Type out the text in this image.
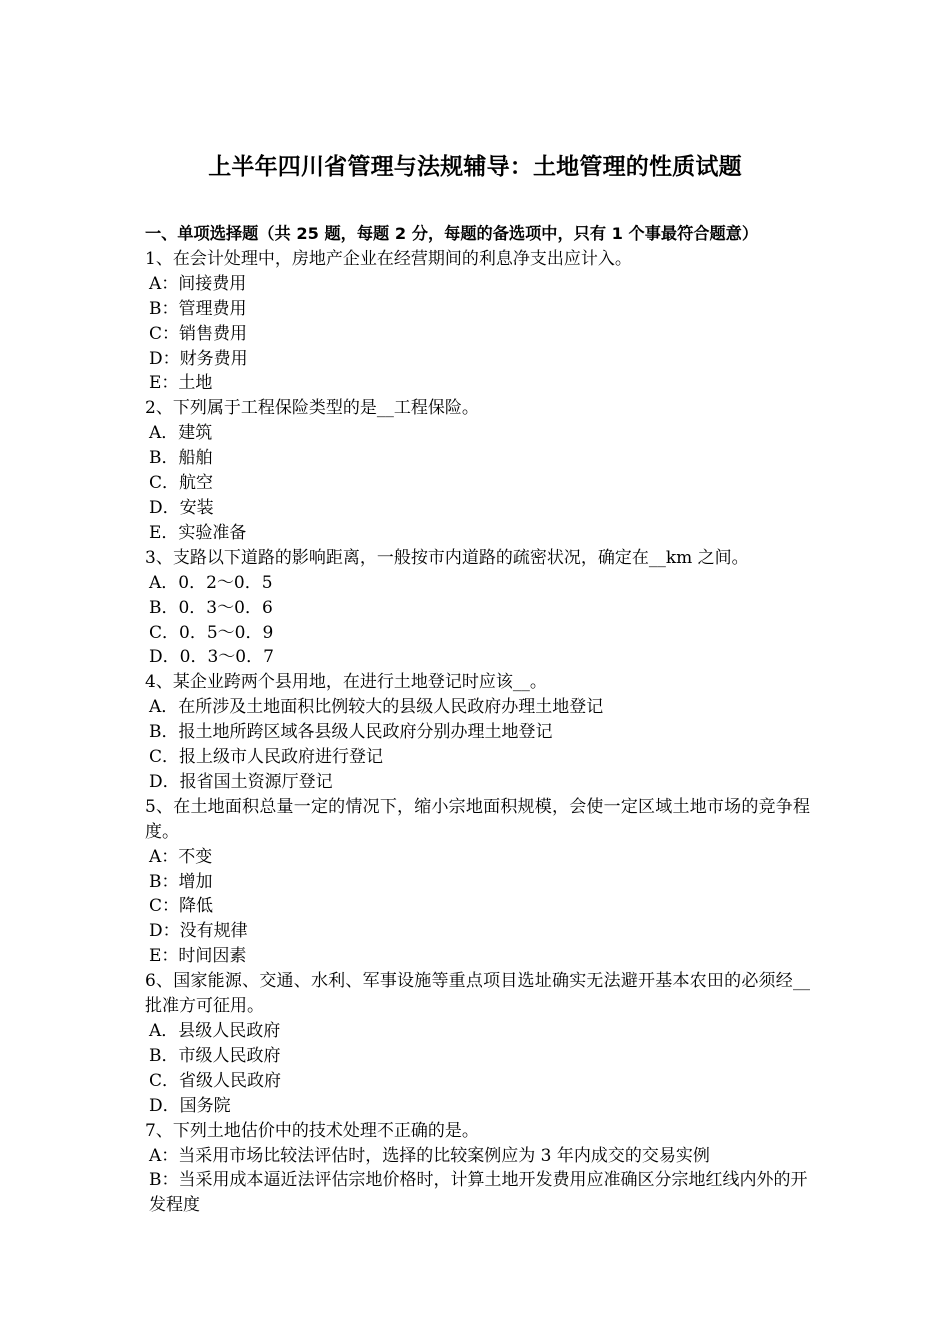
上半年四川省管理与法规辅导：土地管理的性质试题
一、单项选择题（共 25 题，每题 2 分，每题的备选项中，只有 1 个事最符合题意）
1、在会计处理中，房地产企业在经营期间的利息净支出应计入。
A：间接费用
B：管理费用
C：销售费用
D：财务费用
E：土地
2、下列属于工程保险类型的是__工程保险。
A．建筑
B．船舶
C．航空
D．安装
E．实验准备
3、支路以下道路的影响距离，一般按市内道路的疏密状况，确定在__km 之间。
A．0．2～0．5
B．0．3～0．6
C．0．5～0．9
D．0．3～0．7
4、某企业跨两个县用地，在进行土地登记时应该__。
A．在所涉及土地面积比例较大的县级人民政府办理土地登记
B．报土地所跨区域各县级人民政府分别办理土地登记
C．报上级市人民政府进行登记
D．报省国土资源厅登记
5、在土地面积总量一定的情况下，缩小宗地面积规模，会使一定区域土地市场的竞争程度。
A：不变
B：增加
C：降低
D：没有规律
E：时间因素
6、国家能源、交通、水利、军事设施等重点项目选址确实无法避开基本农田的必须经__批准方可征用。
A．县级人民政府
B．市级人民政府
C．省级人民政府
D．国务院
7、下列土地估价中的技术处理不正确的是。
A：当采用市场比较法评估时，选择的比较案例应为 3 年内成交的交易实例
B：当采用成本逼近法评估宗地价格时，计算土地开发费用应准确区分宗地红线内外的开发程度
